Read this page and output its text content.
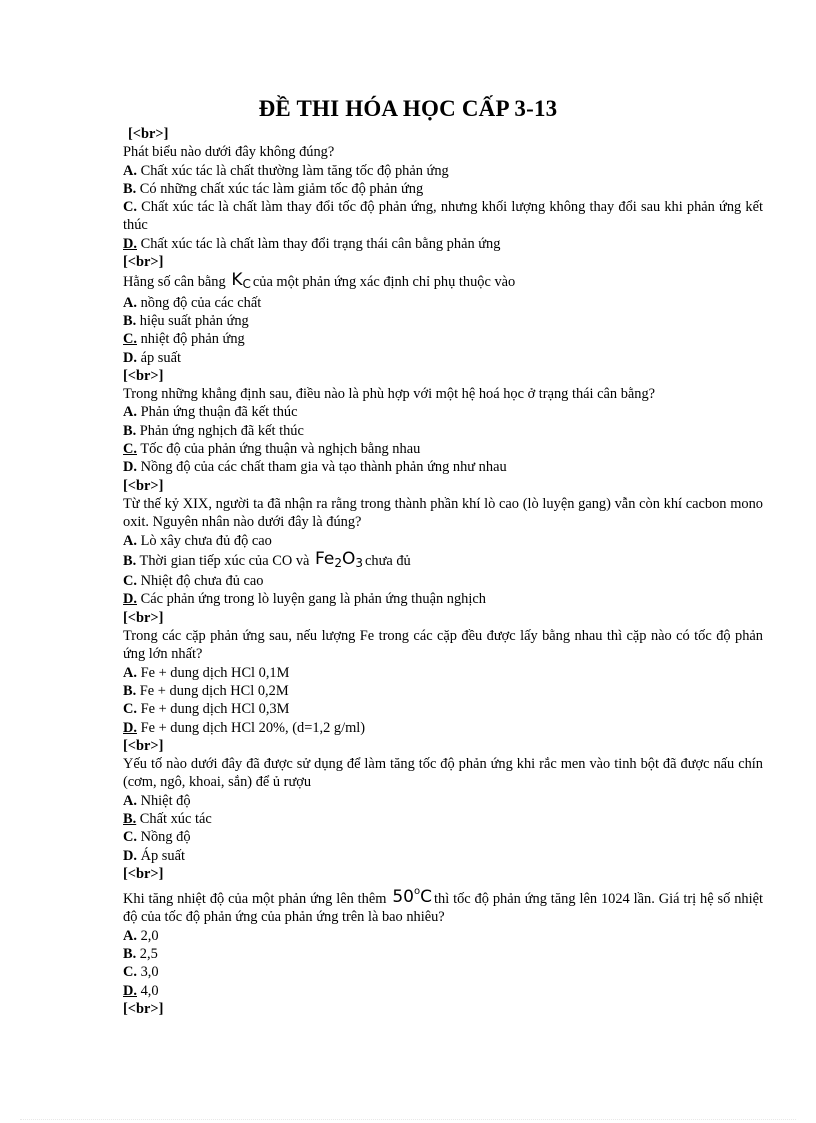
ĐỀ THI HÓA HỌC CẤP 3-13
[<br>]
Phát biểu nào dưới đây không đúng?
A. Chất xúc tác là chất thường làm tăng tốc độ phản ứng
B. Có những chất xúc tác làm giảm tốc độ phản ứng
C. Chất xúc tác là chất làm thay đổi tốc độ phản ứng, nhưng khối lượng không thay đổi sau khi phản ứng kết thúc
D. Chất xúc tác là chất làm thay đổi trạng thái cân bằng phản ứng
[<br>]
Hằng số cân bằng $K_C$ của một phản ứng xác định chỉ phụ thuộc vào
A. nồng độ của các chất
B. hiệu suất phản ứng
C. nhiệt độ phản ứng
D. áp suất
[<br>]
Trong những khẳng định sau, điều nào là phù hợp với một hệ hoá học ở trạng thái cân bằng?
A. Phản ứng thuận đã kết thúc
B. Phản ứng nghịch đã kết thúc
C. Tốc độ của phản ứng thuận và nghịch bằng nhau
D. Nồng độ của các chất tham gia và tạo thành phản ứng như nhau
[<br>]
Từ thế kỷ XIX, người ta đã nhận ra rằng trong thành phần khí lò cao (lò luyện gang) vẫn còn khí cacbon mono oxit. Nguyên nhân nào dưới đây là đúng?
A. Lò xây chưa đủ độ cao
B. Thời gian tiếp xúc của CO và $Fe_2O_3$ chưa đủ
C. Nhiệt độ chưa đủ cao
D. Các phản ứng trong lò luyện gang là phản ứng thuận nghịch
[<br>]
Trong các cặp phản ứng sau, nếu lượng Fe trong các cặp đều được lấy bằng nhau thì cặp nào có tốc độ phản ứng lớn nhất?
A. Fe + dung dịch HCl 0,1M
B. Fe + dung dịch HCl 0,2M
C. Fe + dung dịch HCl 0,3M
D. Fe + dung dịch HCl 20%, (d=1,2 g/ml)
[<br>]
Yếu tố nào dưới đây đã được sử dụng để làm tăng tốc độ phản ứng khi rắc men vào tinh bột đã được nấu chín (cơm, ngô, khoai, sắn) để ủ rượu
A. Nhiệt độ
B. Chất xúc tác
C. Nồng độ
D. Áp suất
[<br>]
Khi tăng nhiệt độ của một phản ứng lên thêm 50$^o$C thì tốc độ phản ứng tăng lên 1024 lần. Giá trị hệ số nhiệt độ của tốc độ phản ứng của phản ứng trên là bao nhiêu?
A. 2,0
B. 2,5
C. 3,0
D. 4,0
[<br>]
